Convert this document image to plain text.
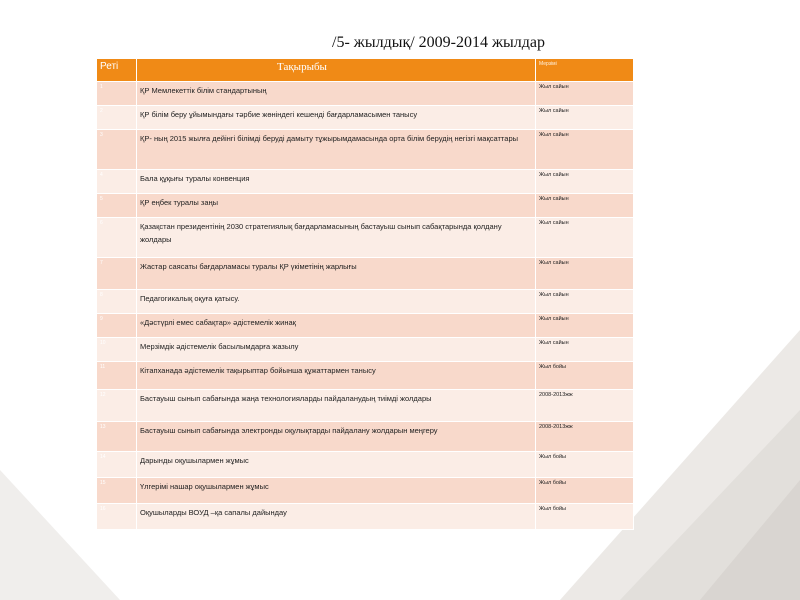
/5- жылдық/ 2009-2014 жылдар
Реті	Тақырыбы	Мерзімі
1	ҚР Мемлекеттік білім стандартының	Жыл сайын
2	ҚР білім беру ұйымындағы тәрбие жөніндегі кешенді бағдарламасымен танысу	Жыл сайын
3	ҚР- ның 2015 жылға дейінгі білімді беруді дамыту тұжырымдамасында орта білім берудің негізгі мақсаттары	Жыл сайын
4	Бала құқығы туралы конвенция	Жыл сайын
5	ҚР еңбек туралы заңы	Жыл сайын
6	Қазақстан президентінің 2030 стратегиялық бағдарламасының бастауыш сынып сабақтарында қолдану жолдары	Жыл сайын
7	Жастар саясаты бағдарламасы туралы ҚР үкіметінің жарлығы	Жыл сайын
8	Педагогикалық оқуға қатысу.	Жыл сайын
9	«Дәстүрлі емес сабақтар» әдістемелік жинақ	Жыл сайын
10	Мерзімдік әдістемелік басылымдарға жазылу	Жыл сайын
11	Кітапханада әдістемелік тақырыптар бойынша құжаттармен танысу	Жыл бойы
12	Бастауыш сынып сабағында жаңа технологияларды пайдаланудың тиімді жолдары	2008-2013жж
13	Бастауыш сынып сабағында электронды оқулықтарды пайдалану жолдарын меңгеру	2008-2013жж
14	Дарынды оқушылармен жұмыс	Жыл бойы
15	Үлгерімі нашар оқушылармен жұмыс	Жыл бойы
16	Оқушыларды ВОУД –қа сапалы дайындау	Жыл бойы
